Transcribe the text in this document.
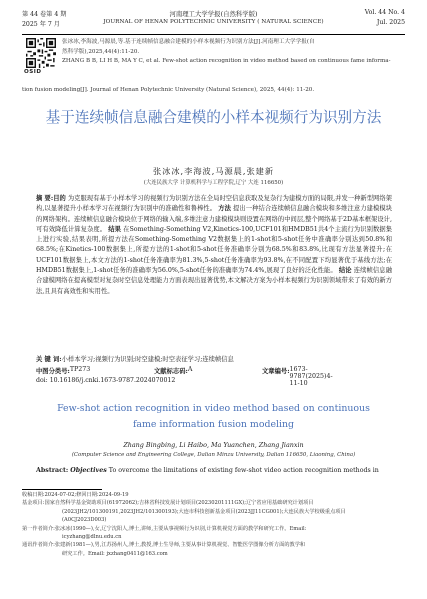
第 44 卷第 4 期
2025 年 7 月
河南理工大学学报(自然科学版)
JOURNAL OF HENAN POLYTECHNIC UNIVERSITY ( NATURAL SCIENCE)
Vol. 44 No. 4
Jul. 2025
OSID

张冰冰,李海波,马源晨,等.基于连续帧信息融合建模的小样本视频行为识别方法[J].河南理工大学学报(自

然科学版),2025,44(4):11-20.

ZHANG B B, LI H B, MA Y C, et al. Few-shot action recognition in video method based on continuous fame informa-

tion fusion modeling[J]. Journal of Henan Polytechnic University (Natural Science), 2025, 44(4): 11-20.

基于连续帧信息融合建模的小样本视频行为识别方法
张冰冰,李海波,马源晨,张建新
(大连民族大学 计算机科学与工程学院,辽宁 大连 116650)

摘 要:目的 为克服现有基于小样本学习的视频行为识别方法在全局时空信息获取及复杂行为建模方面的局限,并发一种新型网络架构,以显著提升小样本学习在视频行为识别中的准确性和鲁棒性。 方法 提出一种结合连续帧信息融合模块和多维注意力建模模块的网络架构。连续帧信息融合模块位于网络的输入端,多维注意力建模模块则设置在网络的中间层,整个网络基于2D基本框架设计,可有效降低计算复杂度。 结果 在Something-Something V2,Kinetics-100,UCF101和HMDB51共4个主流行为识别数据集上进行实验,结果表明,所提方法在Something-Something V2数据集上的1-shot和5-shot任务中准确率分别达到50.8%和68.5%;在Kinetics-100数据集上,所提方法的1-shot和5-shot任务准确率分别为68.5%和83.8%,比现有方法显著提升;在UCF101数据集上,本文方法的1-shot任务准确率为81.3%,5-shot任务准确率为93.8%,在不同配置下均显著优于基线方法;在HMDB51数据集上,1-shot任务的准确率为56.0%,5-shot任务的准确率为74.4%,展现了良好的泛化性能。 结论 连续帧信息融合建模网络在提高模型对复杂时空信息处理能力方面表现出显著优势,本文解决方案为小样本视频行为识别领域带来了有效的新方法,且具有高效性和实用性。

关 键 词:小样本学习;视频行为识别;时空建模;时空表征学习;连续帧信息
中图分类号: TP273	文献标志码: A	文章编号: 1673-9787(2025)4-11-10
doi: 10.16186/j.cnki.1673-9787.2024070012
Few-shot action recognition in video method based on continuous fame information fusion modeling
Zhang Bingbing, Li Haibo, Ma Yuanchen, Zhang Jianxin
(Computer Science and Engineering College, Dalian Minzu University, Dalian 116650, Liaoning, China)
Abstract: Objectives To overcome the limitations of existing few-shot video action recognition methods in

收稿日期:2024-07-02;修回日期:2024-09-19

基金项目:国家自然科学基金资助项目(61972062);吉林省科技发展计划项目(20230201111GX);辽宁省应用基础研究计划项目

(2023JH2/101300191,2023JH2/101300193);大连市科技创新基金项目(2023JJ11CG001);大连民族大学校级重点项目

(A0CJ2023D003)

第一作者简介:张冰冰(1990—),女,辽宁沈阳人,博士,讲师,主要从事视频行为识别,计算机视觉方面的教学和研究工作。Email:

icyzhang@dlnu.edu.cn

通讯作者简介:张建新(1981—),男,江苏扬州人,博士,教授,博士生导师,主要从事计算机视觉、智能医学图像分析方面的教学和

研究工作。Email: jxzhang0411@163.com
